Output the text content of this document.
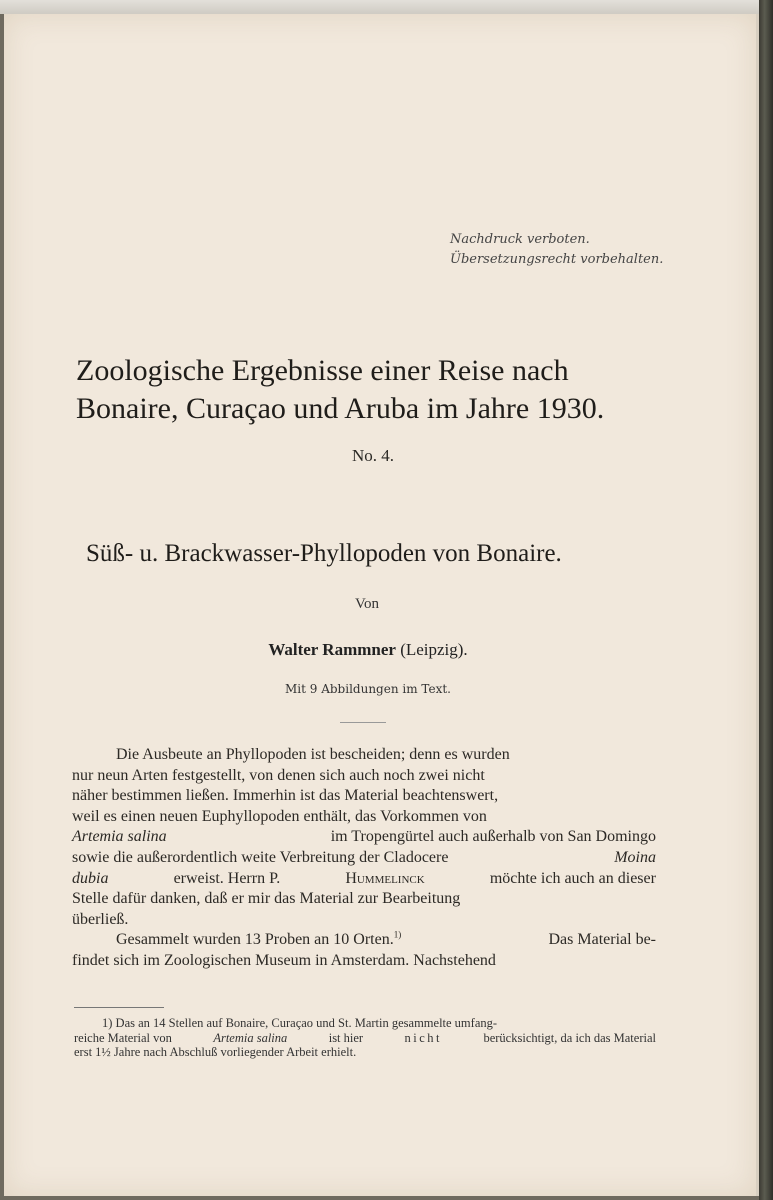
Nachdruck verboten.
Übersetzungsrecht vorbehalten.
Zoologische Ergebnisse einer Reise nach
Bonaire, Curaçao und Aruba im Jahre 1930.
No. 4.
Süß- u. Brackwasser-Phyllopoden von Bonaire.
Von
Walter Rammner (Leipzig).
Mit 9 Abbildungen im Text.
Die Ausbeute an Phyllopoden ist bescheiden; denn es wurden
nur neun Arten festgestellt, von denen sich auch noch zwei nicht
näher bestimmen ließen. Immerhin ist das Material beachtenswert,
weil es einen neuen Euphyllopoden enthält, das Vorkommen von
Artemia salina	im Tropengürtel auch außerhalb von San Domingo
sowie die außerordentlich weite Verbreitung der Cladocere	Moina
dubia	erweist. Herrn P.	Hummelinck	möchte ich auch an dieser
Stelle dafür danken, daß er mir das Material zur Bearbeitung
überließ.
Gesammelt wurden 13 Proben an 10 Orten.$^{1)}$	Das Material be-
findet sich im Zoologischen Museum in Amsterdam. Nachstehend
1) Das an 14 Stellen auf Bonaire, Curaçao und St. Martin gesammelte umfang-
reiche Material von	Artemia salina	ist hier	nicht	berücksichtigt, da ich das Material
erst 1½ Jahre nach Abschluß vorliegender Arbeit erhielt.
